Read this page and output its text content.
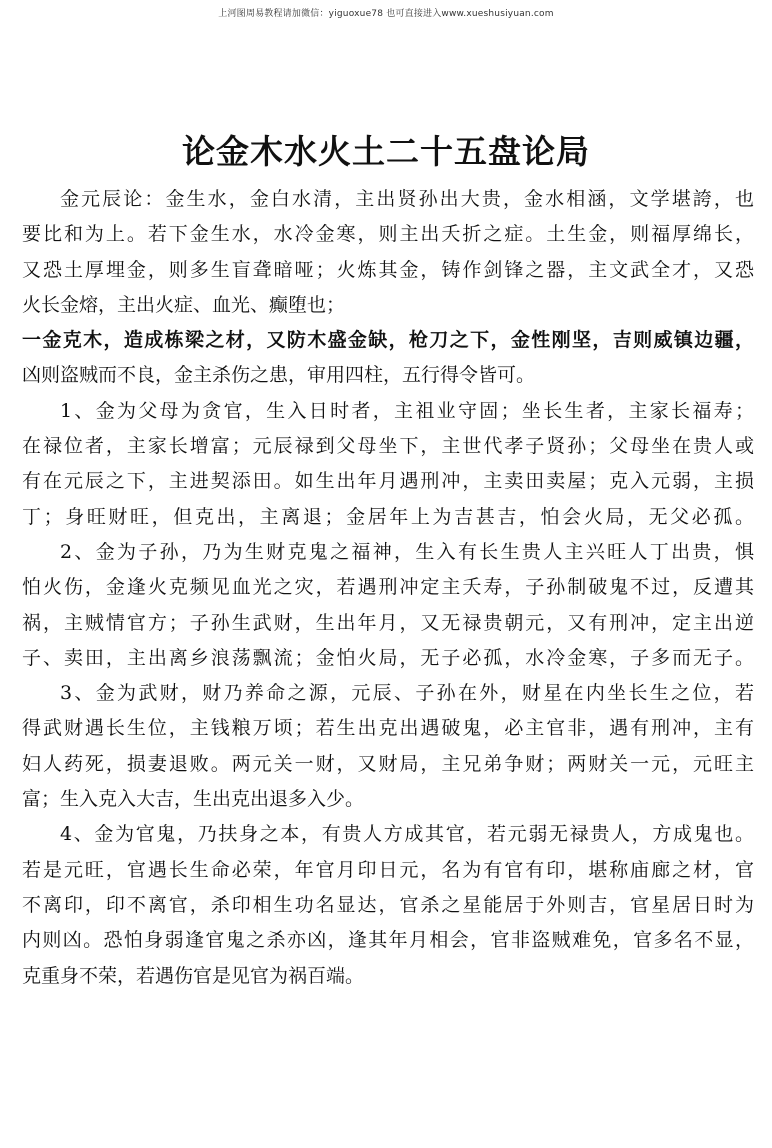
上河图周易教程请加微信：yiguoxue78 也可直接进入www.xueshusiyuan.com
论金木水火土二十五盘论局
金元辰论：金生水，金白水清，主出贤孙出大贵，金水相涵，文学堪誇，也
要比和为上。若下金生水，水冷金寒，则主出夭折之症。土生金，则福厚绵长，
又恐土厚埋金，则多生盲聋暗哑；火炼其金，铸作剑锋之器，主文武全才，又恐
火长金熔，主出火症、血光、癫堕也；
一金克木，造成栋梁之材，又防木盛金缺，枪刀之下，金性刚坚，吉则威镇边疆，
凶则盗贼而不良，金主杀伤之患，审用四柱，五行得令皆可。
1、金为父母为贪官，生入日时者，主祖业守固；坐长生者，主家长福寿；
在禄位者，主家长增富；元辰禄到父母坐下，主世代孝子贤孙；父母坐在贵人或
有在元辰之下，主进契添田。如生出年月遇刑冲，主卖田卖屋；克入元弱，主损
丁；身旺财旺，但克出，主离退；金居年上为吉甚吉，怕会火局，无父必孤。
2、金为子孙，乃为生财克鬼之福神，生入有长生贵人主兴旺人丁出贵，惧
怕火伤，金逢火克频见血光之灾，若遇刑冲定主夭寿，子孙制破鬼不过，反遭其
祸，主贼情官方；子孙生武财，生出年月，又无禄贵朝元，又有刑冲，定主出逆
子、卖田，主出离乡浪荡飘流；金怕火局，无子必孤，水冷金寒，子多而无子。
3、金为武财，财乃养命之源，元辰、子孙在外，财星在内坐长生之位，若
得武财遇长生位，主钱粮万顷；若生出克出遇破鬼，必主官非，遇有刑冲，主有
妇人药死，损妻退败。两元关一财，又财局，主兄弟争财；两财关一元，元旺主
富；生入克入大吉，生出克出退多入少。
4、金为官鬼，乃扶身之本，有贵人方成其官，若元弱无禄贵人，方成鬼也。
若是元旺，官遇长生命必荣，年官月印日元，名为有官有印，堪称庙廊之材，官
不离印，印不离官，杀印相生功名显达，官杀之星能居于外则吉，官星居日时为
内则凶。恐怕身弱逢官鬼之杀亦凶，逢其年月相会，官非盗贼难免，官多名不显，
克重身不荣，若遇伤官是见官为祸百端。
